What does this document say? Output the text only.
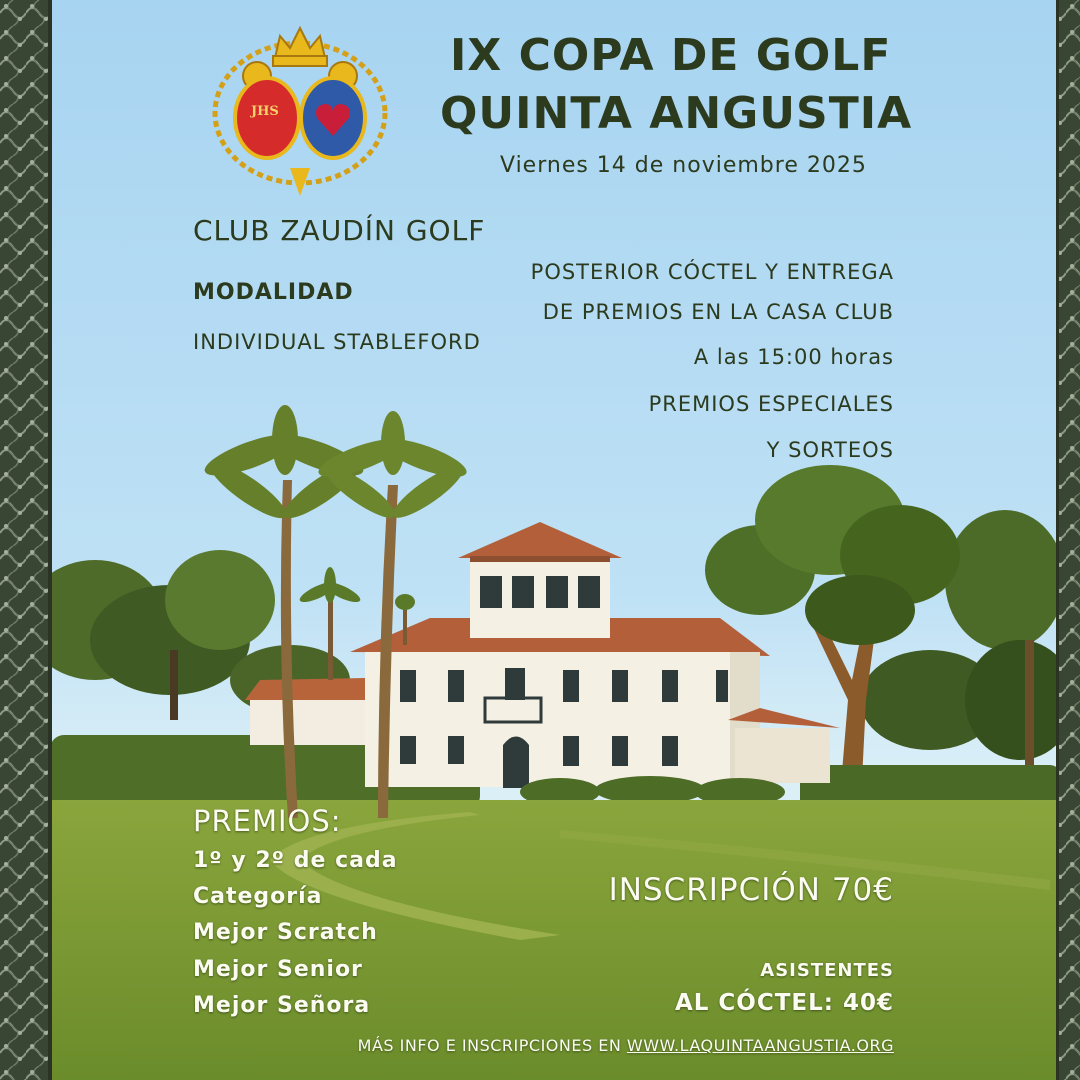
JHS

IX COPA DE GOLF
QUINTA ANGUSTIA

Viernes 14 de noviembre 2025

CLUB ZAUDÍN GOLF

MODALIDAD

INDIVIDUAL STABLEFORD

POSTERIOR CÓCTEL Y ENTREGA

DE PREMIOS EN LA CASA CLUB

A las 15:00 horas

PREMIOS ESPECIALES

Y SORTEOS

PREMIOS:

1º y 2º de cada

Categoría

Mejor Scratch

Mejor Senior

Mejor Señora

INSCRIPCIÓN 70€

ASISTENTES

AL CÓCTEL: 40€

MÁS INFO E INSCRIPCIONES EN WWW.LAQUINTAANGUSTIA.ORG
